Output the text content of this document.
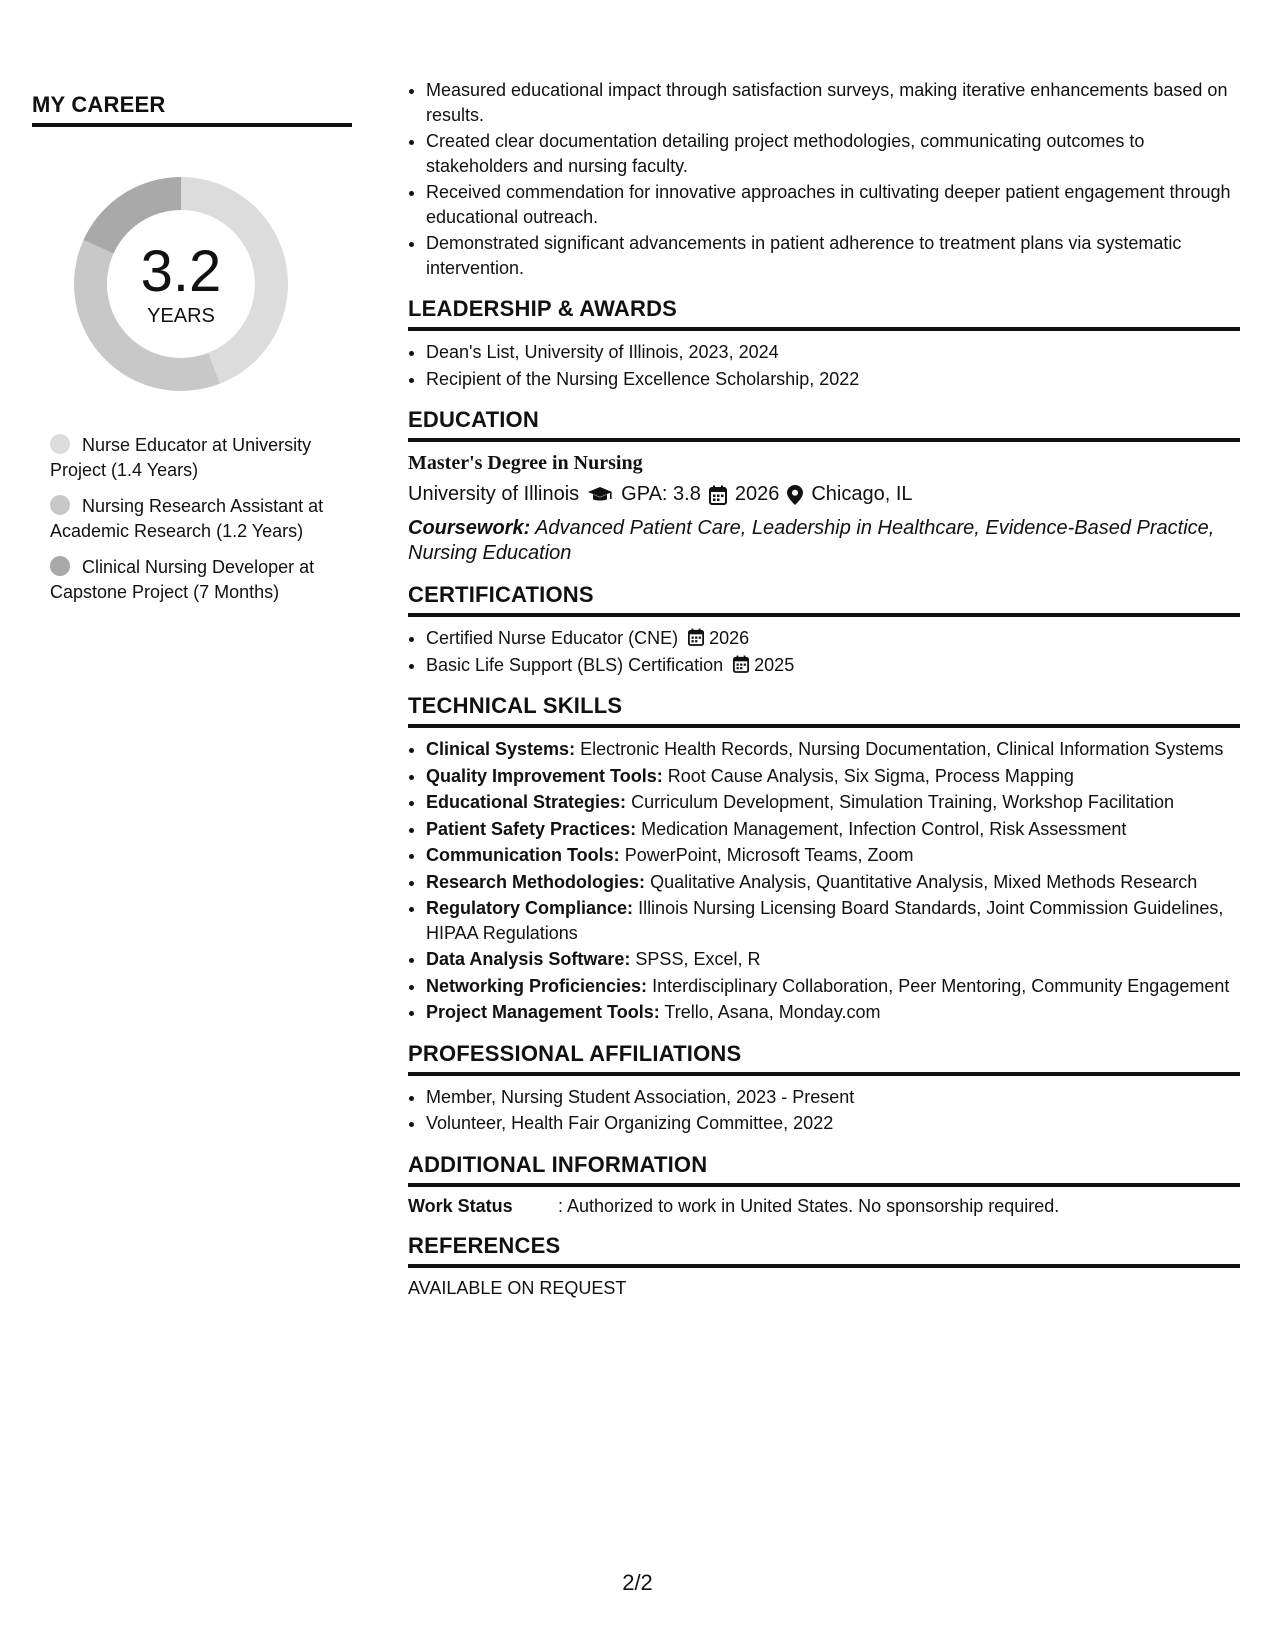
MY CAREER
3.2
YEARS
Nurse Educator at University Project (1.4 Years)
Nursing Research Assistant at Academic Research (1.2 Years)
Clinical Nursing Developer at Capstone Project (7 Months)
• Measured educational impact through satisfaction surveys, making iterative enhancements based on results.
• Created clear documentation detailing project methodologies, communicating outcomes to stakeholders and nursing faculty.
• Received commendation for innovative approaches in cultivating deeper patient engagement through educational outreach.
• Demonstrated significant advancements in patient adherence to treatment plans via systematic intervention.
LEADERSHIP & AWARDS
• Dean's List, University of Illinois, 2023, 2024
• Recipient of the Nursing Excellence Scholarship, 2022
EDUCATION
Master's Degree in Nursing
University of Illinois GPA: 3.8 2026 Chicago, IL
Coursework: Advanced Patient Care, Leadership in Healthcare, Evidence-Based Practice, Nursing Education
CERTIFICATIONS
• Certified Nurse Educator (CNE) 2026
• Basic Life Support (BLS) Certification 2025
TECHNICAL SKILLS
• Clinical Systems: Electronic Health Records, Nursing Documentation, Clinical Information Systems
• Quality Improvement Tools: Root Cause Analysis, Six Sigma, Process Mapping
• Educational Strategies: Curriculum Development, Simulation Training, Workshop Facilitation
• Patient Safety Practices: Medication Management, Infection Control, Risk Assessment
• Communication Tools: PowerPoint, Microsoft Teams, Zoom
• Research Methodologies: Qualitative Analysis, Quantitative Analysis, Mixed Methods Research
• Regulatory Compliance: Illinois Nursing Licensing Board Standards, Joint Commission Guidelines, HIPAA Regulations
• Data Analysis Software: SPSS, Excel, R
• Networking Proficiencies: Interdisciplinary Collaboration, Peer Mentoring, Community Engagement
• Project Management Tools: Trello, Asana, Monday.com
PROFESSIONAL AFFILIATIONS
• Member, Nursing Student Association, 2023 - Present
• Volunteer, Health Fair Organizing Committee, 2022
ADDITIONAL INFORMATION
Work Status	: Authorized to work in United States. No sponsorship required.
REFERENCES
AVAILABLE ON REQUEST
2/2
